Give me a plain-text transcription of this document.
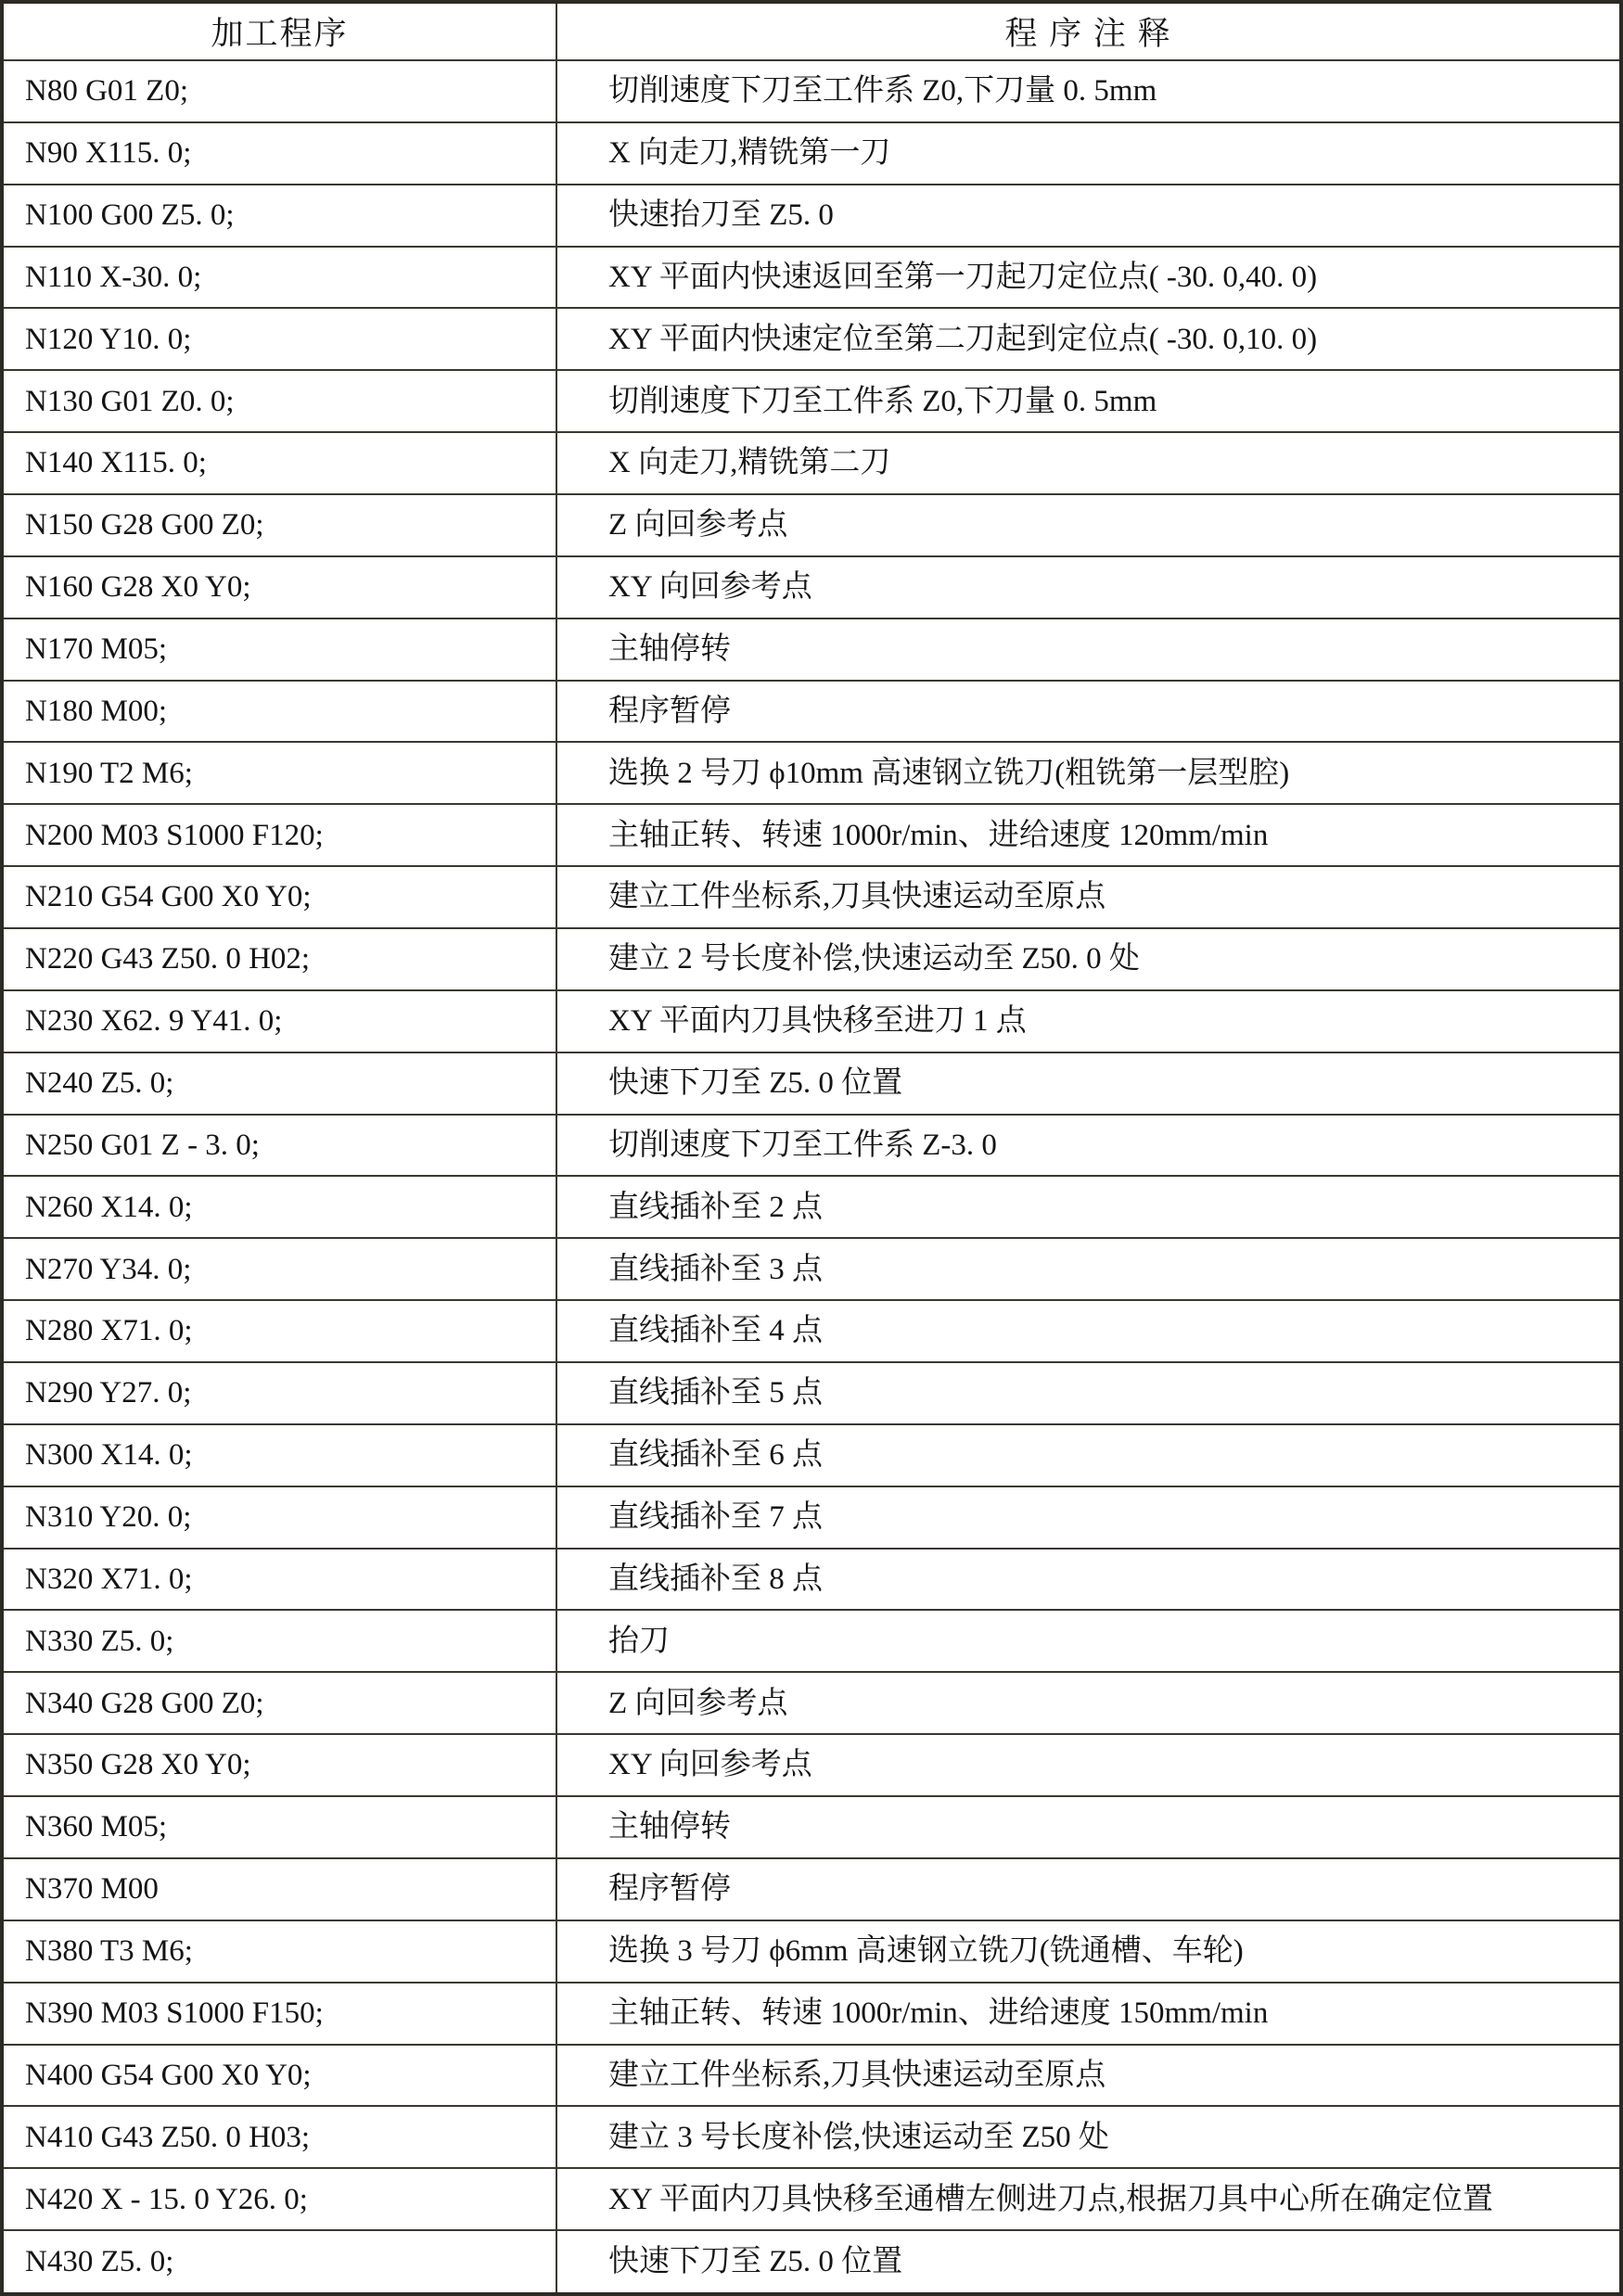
加工程序	程 序 注 释
N80 G01 Z0;	切削速度下刀至工件系 Z0,下刀量 0. 5mm
N90 X115. 0;	X 向走刀,精铣第一刀
N100 G00 Z5. 0;	快速抬刀至 Z5. 0
N110 X-30. 0;	XY 平面内快速返回至第一刀起刀定位点( -30. 0,40. 0)
N120 Y10. 0;	XY 平面内快速定位至第二刀起到定位点( -30. 0,10. 0)
N130 G01 Z0. 0;	切削速度下刀至工件系 Z0,下刀量 0. 5mm
N140 X115. 0;	X 向走刀,精铣第二刀
N150 G28 G00 Z0;	Z 向回参考点
N160 G28 X0 Y0;	XY 向回参考点
N170 M05;	主轴停转
N180 M00;	程序暂停
N190 T2 M6;	选换 2 号刀 ϕ10mm 高速钢立铣刀(粗铣第一层型腔)
N200 M03 S1000 F120;	主轴正转、转速 1000r/min、进给速度 120mm/min
N210 G54 G00 X0 Y0;	建立工件坐标系,刀具快速运动至原点
N220 G43 Z50. 0 H02;	建立 2 号长度补偿,快速运动至 Z50. 0 处
N230 X62. 9 Y41. 0;	XY 平面内刀具快移至进刀 1 点
N240 Z5. 0;	快速下刀至 Z5. 0 位置
N250 G01 Z - 3. 0;	切削速度下刀至工件系 Z-3. 0
N260 X14. 0;	直线插补至 2 点
N270 Y34. 0;	直线插补至 3 点
N280 X71. 0;	直线插补至 4 点
N290 Y27. 0;	直线插补至 5 点
N300 X14. 0;	直线插补至 6 点
N310 Y20. 0;	直线插补至 7 点
N320 X71. 0;	直线插补至 8 点
N330 Z5. 0;	抬刀
N340 G28 G00 Z0;	Z 向回参考点
N350 G28 X0 Y0;	XY 向回参考点
N360 M05;	主轴停转
N370 M00	程序暂停
N380 T3 M6;	选换 3 号刀 ϕ6mm 高速钢立铣刀(铣通槽、车轮)
N390 M03 S1000 F150;	主轴正转、转速 1000r/min、进给速度 150mm/min
N400 G54 G00 X0 Y0;	建立工件坐标系,刀具快速运动至原点
N410 G43 Z50. 0 H03;	建立 3 号长度补偿,快速运动至 Z50 处
N420 X - 15. 0 Y26. 0;	XY 平面内刀具快移至通槽左侧进刀点,根据刀具中心所在确定位置
N430 Z5. 0;	快速下刀至 Z5. 0 位置
